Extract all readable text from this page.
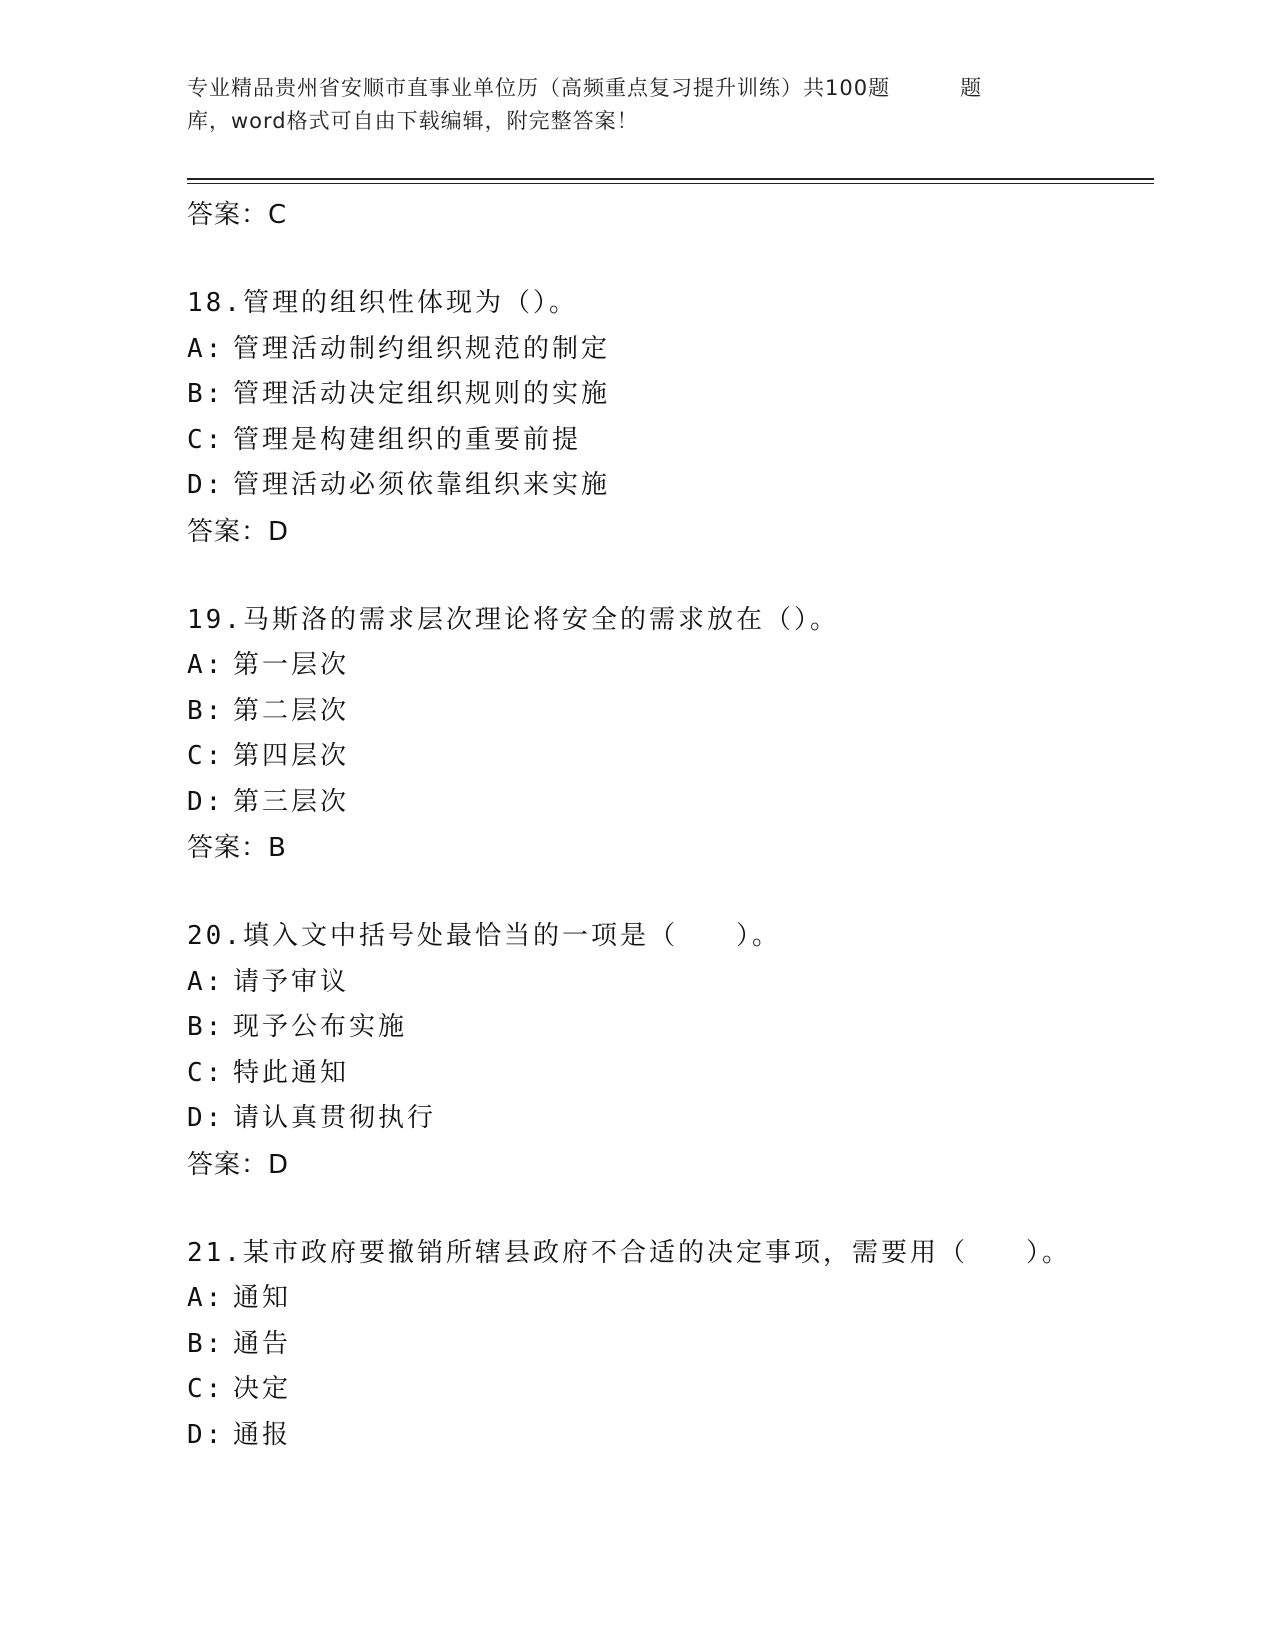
专业精品贵州省安顺市直事业单位历（高频重点复习提升训练）共100题	题
库，word格式可自由下载编辑，附完整答案！
答案：C
18.管理的组织性体现为（）。
A: 管理活动制约组织规范的制定
B: 管理活动决定组织规则的实施
C: 管理是构建组织的重要前提
D: 管理活动必须依靠组织来实施
答案：D
19.马斯洛的需求层次理论将安全的需求放在（）。
A: 第一层次
B: 第二层次
C: 第四层次
D: 第三层次
答案：B
20.填入文中括号处最恰当的一项是（　　）。
A: 请予审议
B: 现予公布实施
C: 特此通知
D: 请认真贯彻执行
答案：D
21.某市政府要撤销所辖县政府不合适的决定事项，需要用（　　）。
A: 通知
B: 通告
C: 决定
D: 通报
